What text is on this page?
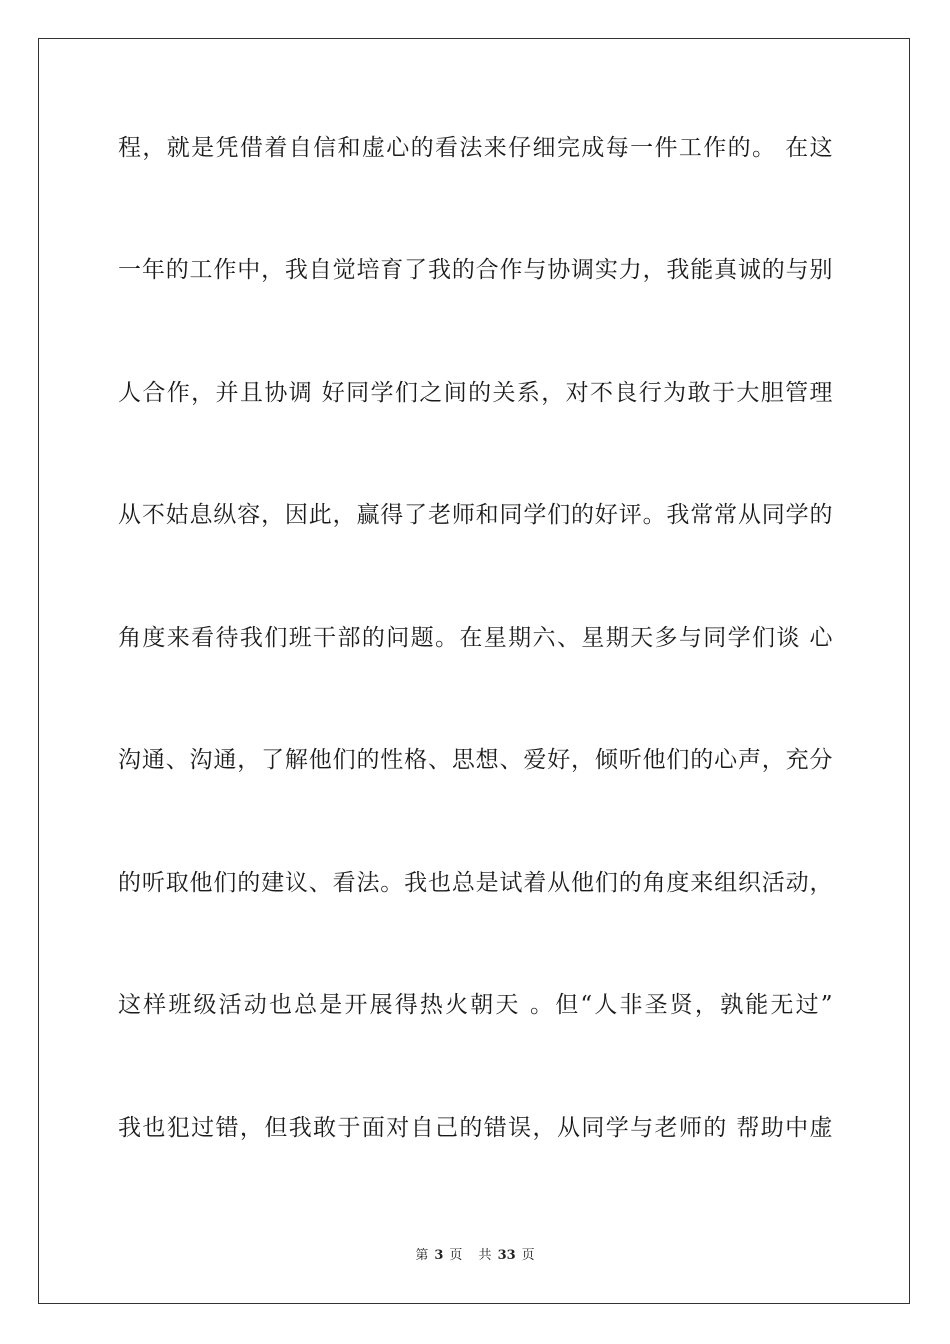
程，就是凭借着自信和虚心的看法来仔细完成每一件工作的。 在这
一年的工作中，我自觉培育了我的合作与协调实力，我能真诚的与别
人合作，并且协调 好同学们之间的关系，对不良行为敢于大胆管理
从不姑息纵容，因此，赢得了老师和同学们的好评。我常常从同学的
角度来看待我们班干部的问题。在星期六、星期天多与同学们谈 心
沟通、沟通，了解他们的性格、思想、爱好，倾听他们的心声，充分
的听取他们的建议、看法。我也总是试着从他们的角度来组织活动，
这样班级活动也总是开展得热火朝天 。但“人非圣贤，孰能无过”
我也犯过错，但我敢于面对自己的错误，从同学与老师的 帮助中虚
第 3 页 共 33 页
